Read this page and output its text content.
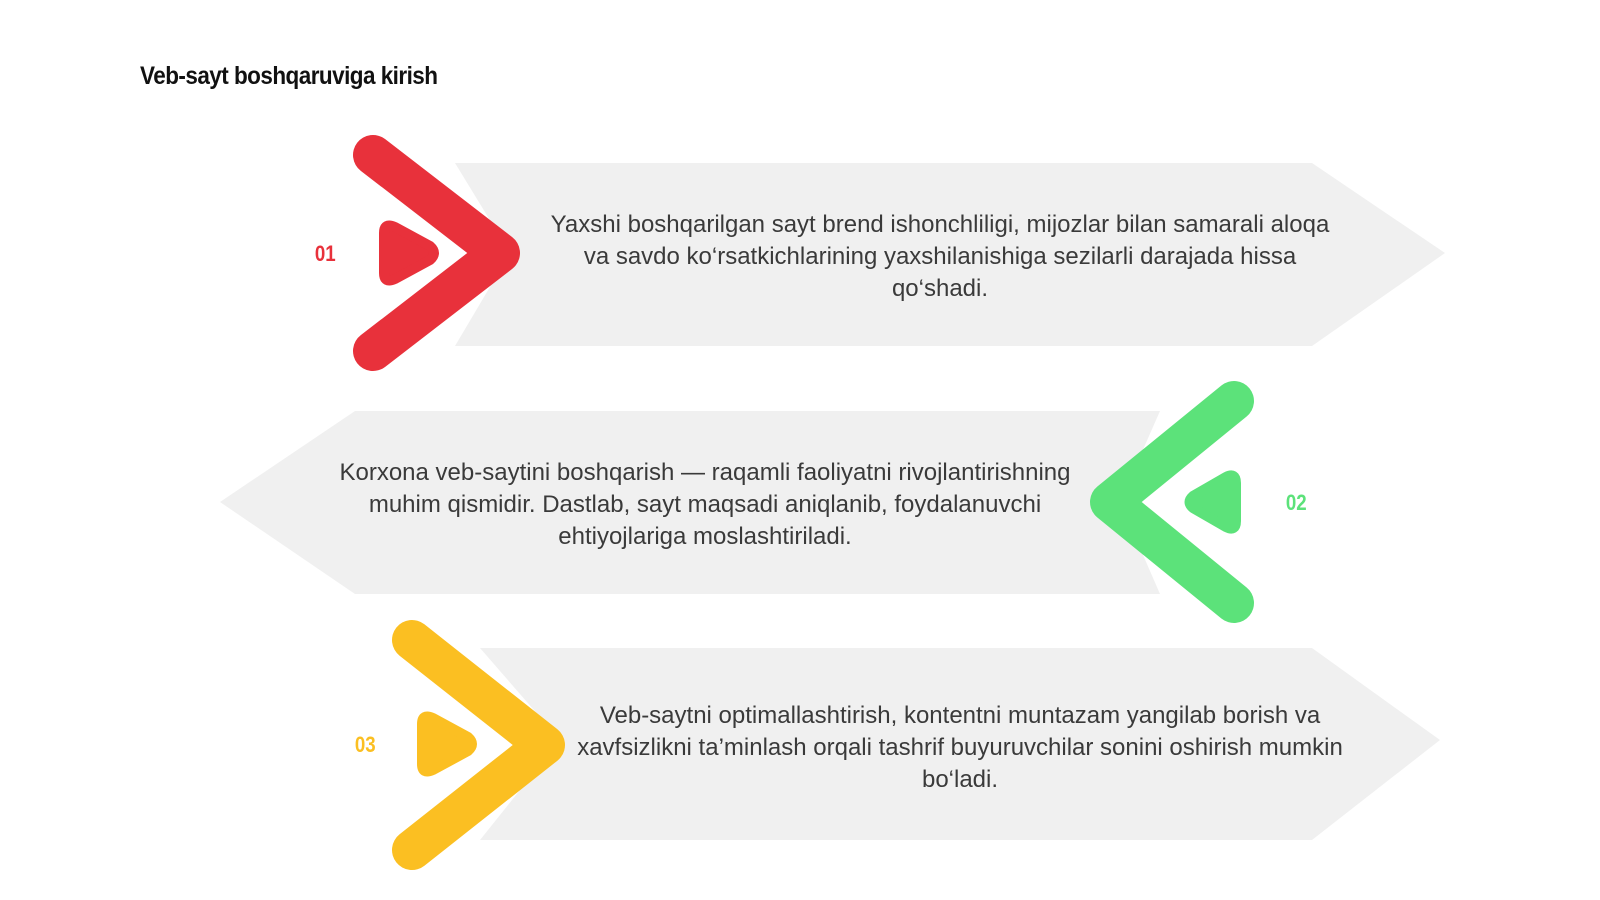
Veb-sayt boshqaruviga kirish
01
02
03
Yaxshi boshqarilgan sayt brend ishonchliligi, mijozlar bilan samarali aloqa va savdo ko‘rsatkichlarining yaxshilanishiga sezilarli darajada hissa qo‘shadi.
Korxona veb-saytini boshqarish — raqamli faoliyatni rivojlantirishning muhim qismidir. Dastlab, sayt maqsadi aniqlanib, foydalanuvchi ehtiyojlariga moslashtiriladi.
Veb-saytni optimallashtirish, kontentni muntazam yangilab borish va xavfsizlikni ta’minlash orqali tashrif buyuruvchilar sonini oshirish mumkin bo‘ladi.
